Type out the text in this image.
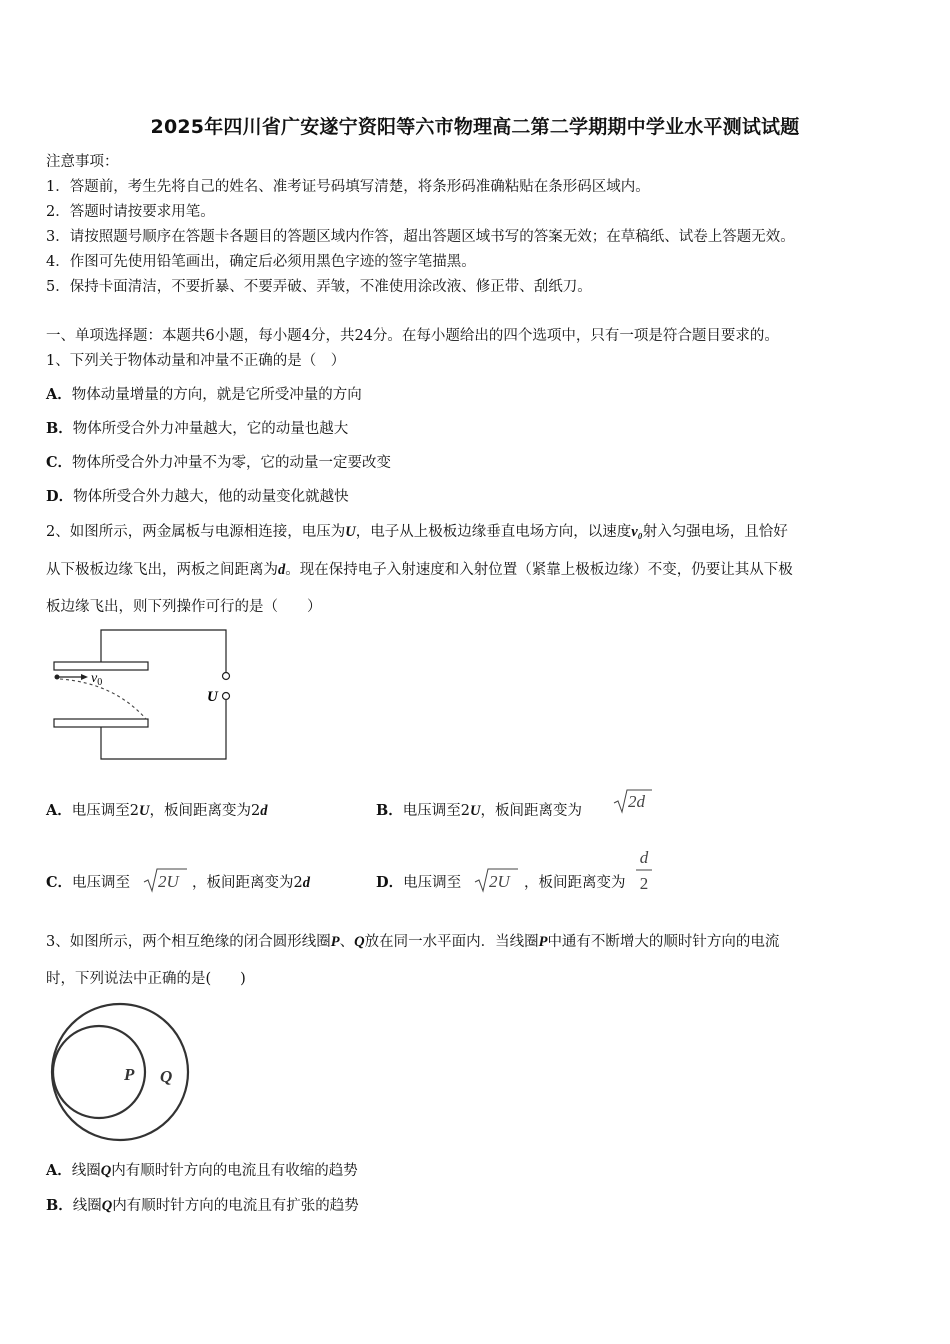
2025年四川省广安遂宁资阳等六市物理高二第二学期期中学业水平测试试题
注意事项：
1．答题前，考生先将自己的姓名、准考证号码填写清楚，将条形码准确粘贴在条形码区域内。
2．答题时请按要求用笔。
3．请按照题号顺序在答题卡各题目的答题区域内作答，超出答题区域书写的答案无效；在草稿纸、试卷上答题无效。
4．作图可先使用铅笔画出，确定后必须用黑色字迹的签字笔描黑。
5．保持卡面清洁，不要折暴、不要弄破、弄皱，不准使用涂改液、修正带、刮纸刀。
一、单项选择题：本题共6小题，每小题4分，共24分。在每小题给出的四个选项中，只有一项是符合题目要求的。
1、下列关于物体动量和冲量不正确的是（　）
A．物体动量增量的方向，就是它所受冲量的方向
B．物体所受合外力冲量越大，它的动量也越大
C．物体所受合外力冲量不为零，它的动量一定要改变
D．物体所受合外力越大，他的动量变化就越快
2、如图所示，两金属板与电源相连接，电压为U，电子从上极板边缘垂直电场方向，以速度v₀射入匀强电场，且恰好
从下极板边缘飞出，两板之间距离为d。现在保持电子入射速度和入射位置（紧靠上极板边缘）不变，仍要让其从下极
板边缘飞出，则下列操作可行的是（　　）
$v_0$
U
A．电压调至2U，板间距离变为2d	B．电压调至2U，板间距离变为	2d
C．电压调至 2U ，板间距离变为2d	D．电压调至 2U ，板间距离变为
d
2
3、如图所示，两个相互绝缘的闭合圆形线圈P、Q放在同一水平面内．当线圈P中通有不断增大的顺时针方向的电流
时，下列说法中正确的是(　　)
P Q
A．线圈Q内有顺时针方向的电流且有收缩的趋势
B．线圈Q内有顺时针方向的电流且有扩张的趋势
